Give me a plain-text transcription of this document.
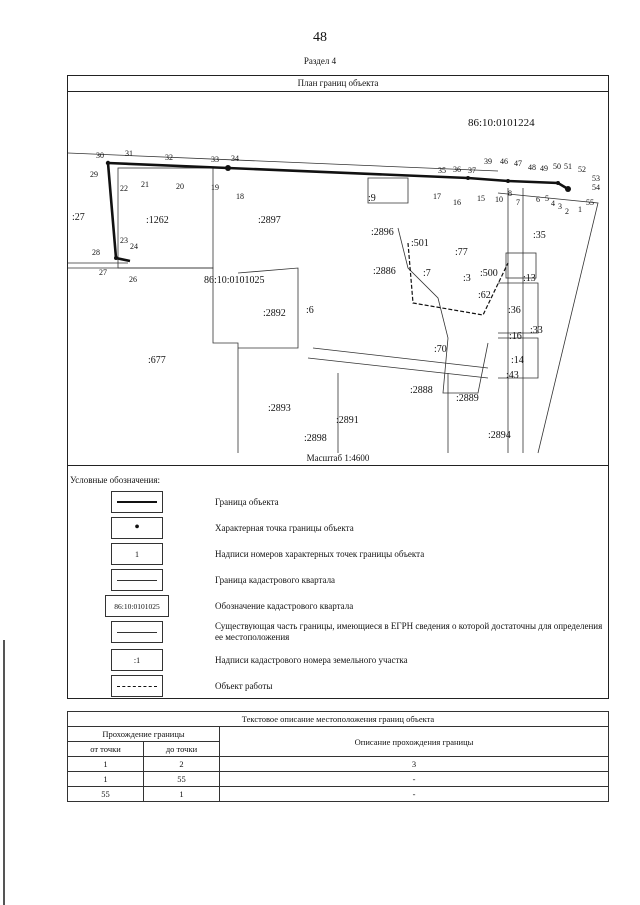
48
Раздел 4
План границ объекта
30	31	32	33 34
29
22 21	20	19
18
23
24
28
27
26
35 36 37
39 46 47 48 49 50 51 52
17
16 15 10
8
7 6 5
4 3
2 1
53
54
55
86:10:0101224
86:10:0101025
:1262	:2897
:9
:2896
:501
:35
:2886	:7	:3 :500	:13
:62
:2892 :6	:36
:33
:16
:14
:43
:677
:70
:2888
:2889
:2893
:2891
:2898	:2894
:27
:77
Масштаб 1:4600
Условные обозначения:
Граница объекта
•	Характерная точка границы объекта
1	Надписи номеров характерных точек границы объекта
Граница кадастрового квартала
86:10:0101025	Обозначение кадастрового квартала
Существующая часть границы, имеющиеся в ЕГРН сведения о которой достаточны для определения ее местоположения
:1	Надписи кадастрового номера земельного участка
Объект работы
Текстовое описание местоположения границ объекта		
Прохождение границы		Описание прохождения границы
от точки	до точки	
1	2	3
1	55	-
55	1	-
